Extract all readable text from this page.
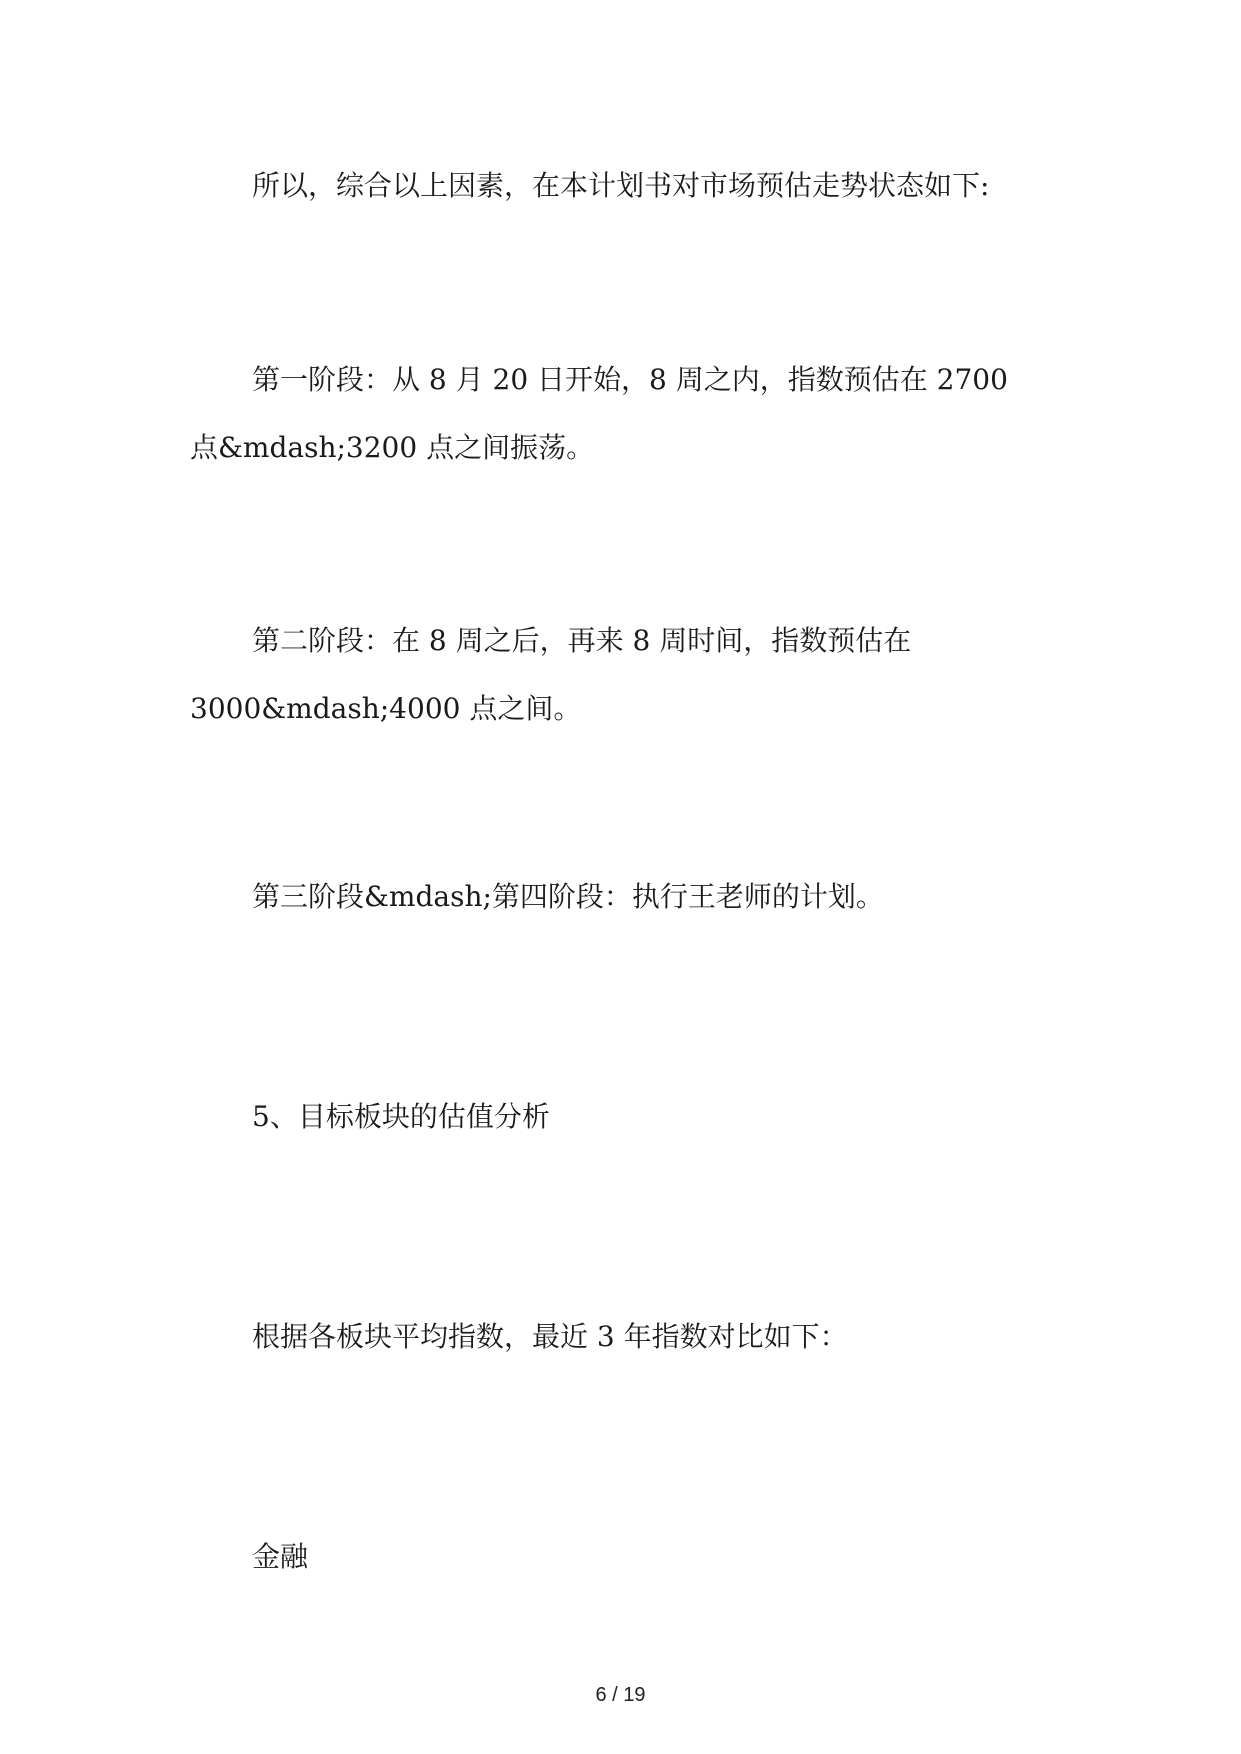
所以，综合以上因素，在本计划书对市场预估走势状态如下:
第一阶段：从 8 月 20 日开始，8 周之内，指数预估在 2700
点&mdash;3200 点之间振荡。
第二阶段：在 8 周之后，再来 8 周时间，指数预估在
3000&mdash;4000 点之间。
第三阶段&mdash;第四阶段：执行王老师的计划。
5、目标板块的估值分析
根据各板块平均指数，最近 3 年指数对比如下：
金融
6 / 19
